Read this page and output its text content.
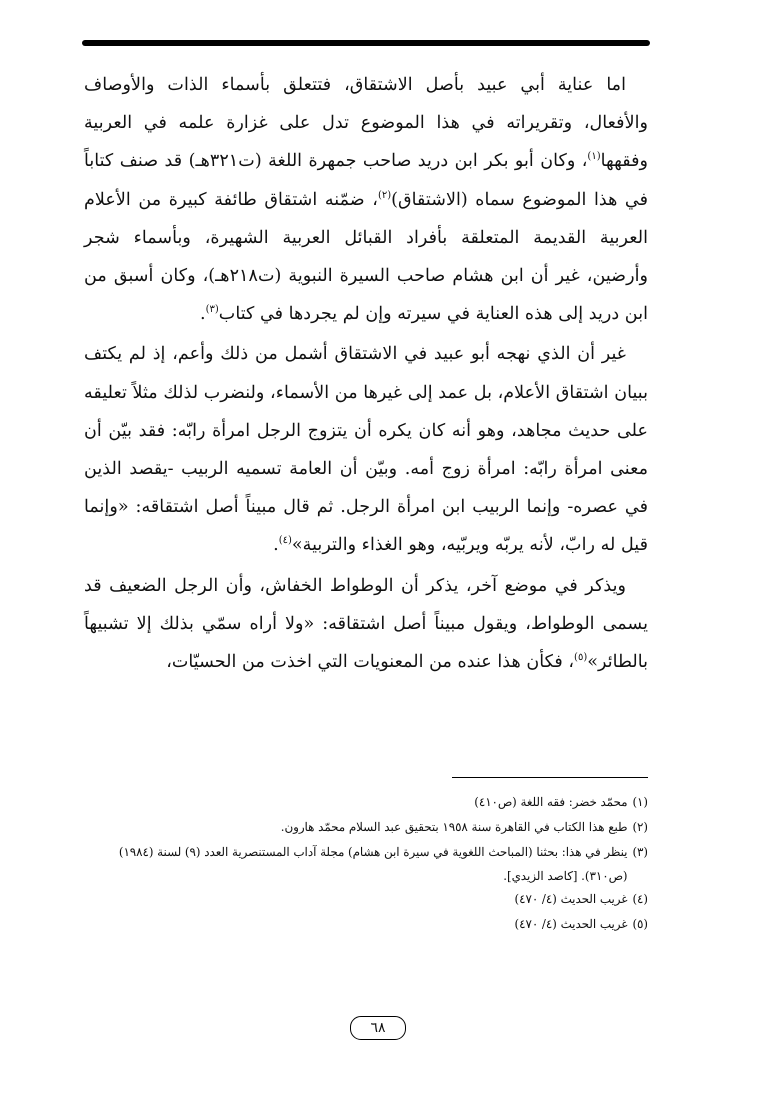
اما عناية أبي عبيد بأصل الاشتقاق، فتتعلق بأسماء الذات والأوصاف والأفعال، وتقريراته في هذا الموضوع تدل على غزارة علمه في العربية وفقهها$^{(١)}$، وكان أبو بكر ابن دريد صاحب جمهرة اللغة (ت٣٢١هـ) قد صنف كتاباً في هذا الموضوع سماه (الاشتقاق)$^{(٢)}$، ضمّنه اشتقاق طائفة كبيرة من الأعلام العربية القديمة المتعلقة بأفراد القبائل العربية الشهيرة، وبأسماء شجر وأرضين، غير أن ابن هشام صاحب السيرة النبوية (ت٢١٨هـ)، وكان أسبق من ابن دريد إلى هذه العناية في سيرته وإن لم يجردها في كتاب$^{(٣)}$.

غير أن الذي نهجه أبو عبيد في الاشتقاق أشمل من ذلك وأعم، إذ لم يكتف ببيان اشتقاق الأعلام، بل عمد إلى غيرها من الأسماء، ولنضرب لذلك مثلاً تعليقه على حديث مجاهد، وهو أنه كان يكره أن يتزوج الرجل امرأة رابّه: فقد بيّن أن معنى امرأة رابّه: امرأة زوج أمه. وبيّن أن العامة تسميه الربيب -يقصد الذين في عصره- وإنما الربيب ابن امرأة الرجل. ثم قال مبيناً أصل اشتقاقه: «وإنما قيل له رابّ، لأنه يربّه ويربّيه، وهو الغذاء والتربية»$^{(٤)}$.

ويذكر في موضع آخر، يذكر أن الوطواط الخفاش، وأن الرجل الضعيف قد يسمى الوطواط، ويقول مبيناً أصل اشتقاقه: «ولا أراه سمّي بذلك إلا تشبيهاً بالطائر»$^{(٥)}$، فكأن هذا عنده من المعنويات التي اخذت من الحسيّات،

(١)
محمّد خضر: فقه اللغة (ص٤١٠)
(٢)
طبع هذا الكتاب في القاهرة سنة ١٩٥٨ بتحقيق عبد السلام محمّد هارون.
(٣)
ينظر في هذا: بحثنا (المباحث اللغوية في سيرة ابن هشام) مجلة آداب المستنصرية العدد (٩) لسنة (١٩٨٤)
(ص٣١٠). [كاصد الزيدي].
(٤)
غريب الحديث (٤/ ٤٧٠)
(٥)
غريب الحديث (٤/ ٤٧٠)
٦٨
